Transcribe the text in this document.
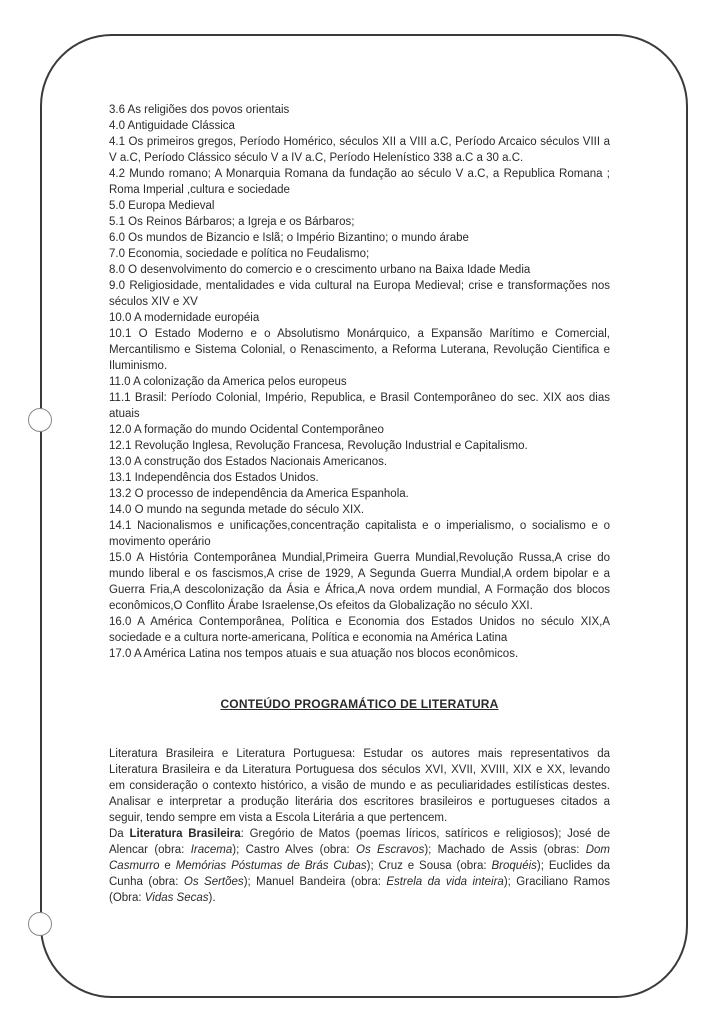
3.6 As religiões dos povos orientais

4.0 Antiguidade Clássica

4.1 Os primeiros gregos, Período Homérico, séculos XII a VIII a.C, Período Arcaico séculos VIII a V a.C, Período Clássico século V a IV a.C, Período Helenístico 338 a.C a 30 a.C.

4.2 Mundo romano; A Monarquia Romana da fundação ao século V a.C, a Republica Romana ; Roma Imperial ,cultura e sociedade

5.0 Europa Medieval

5.1 Os Reinos Bárbaros; a Igreja e os Bárbaros;

6.0 Os mundos de Bizancio e Islã; o Império Bizantino; o mundo árabe

7.0 Economia, sociedade e política no Feudalismo;

8.0 O desenvolvimento do comercio e o crescimento urbano na Baixa Idade Media

9.0 Religiosidade, mentalidades e vida cultural na Europa Medieval; crise e transformações nos séculos XIV e XV

10.0 A modernidade européia

10.1 O Estado Moderno e o Absolutismo Monárquico, a Expansão Marítimo e Comercial, Mercantilismo e Sistema Colonial, o Renascimento, a Reforma Luterana, Revolução Cientifica e Iluminismo.

11.0 A colonização da America pelos europeus

11.1 Brasil: Período Colonial, Império, Republica, e Brasil Contemporâneo do sec. XIX aos dias atuais

12.0 A formação do mundo Ocidental Contemporâneo

12.1 Revolução Inglesa, Revolução Francesa, Revolução Industrial e Capitalismo.

13.0 A construção dos Estados Nacionais Americanos.

13.1 Independência dos Estados Unidos.

13.2 O processo de independência da America Espanhola.

14.0 O mundo na segunda metade do século XIX.

14.1 Nacionalismos e unificações,concentração capitalista e o imperialismo, o socialismo e o movimento operário

15.0 A História Contemporânea Mundial,Primeira Guerra Mundial,Revolução Russa,A crise do mundo liberal e os fascismos,A crise de 1929, A Segunda Guerra Mundial,A ordem bipolar e a Guerra Fria,A descolonização da Ásia e África,A nova ordem mundial, A Formação dos blocos econômicos,O Conflito Árabe Israelense,Os efeitos da Globalização no século XXI.

16.0 A América Contemporânea, Política e Economia dos Estados Unidos no século XIX,A sociedade e a cultura norte-americana, Política e economia na América Latina

17.0 A América Latina nos tempos atuais e sua atuação nos blocos econômicos.

CONTEÚDO PROGRAMÁTICO DE LITERATURA

Literatura Brasileira e Literatura Portuguesa: Estudar os autores mais representativos da Literatura Brasileira e da Literatura Portuguesa dos séculos XVI, XVII, XVIII, XIX e XX, levando em consideração o contexto histórico, a visão de mundo e as peculiaridades estilísticas destes. Analisar e interpretar a produção literária dos escritores brasileiros e portugueses citados a seguir, tendo sempre em vista a Escola Literária a que pertencem.

Da Literatura Brasileira: Gregório de Matos (poemas líricos, satíricos e religiosos); José de Alencar (obra: Iracema); Castro Alves (obra: Os Escravos); Machado de Assis (obras: Dom Casmurro e Memórias Póstumas de Brás Cubas); Cruz e Sousa (obra: Broquéis); Euclides da Cunha (obra: Os Sertões); Manuel Bandeira (obra: Estrela da vida inteira); Graciliano Ramos (Obra: Vidas Secas).
